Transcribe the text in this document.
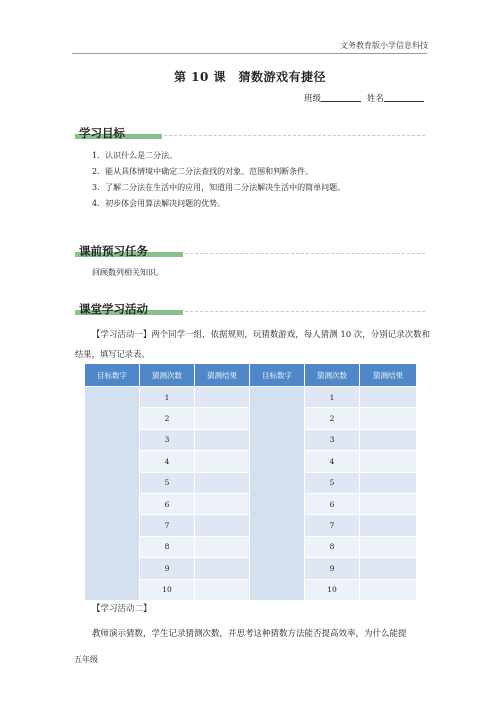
文务教育版小学信息科技
第 10 课　猜数游戏有捷径
班级	姓名
学习目标
1．认识什么是二分法。
2．能从具体情境中确定二分法查找的对象、范围和判断条件。
3．了解二分法在生活中的应用，知道用二分法解决生活中的简单问题。
4．初步体会用算法解决问题的优势。
课前预习任务
回顾数列相关知识。
课堂学习活动
【学习活动一】两个同学一组，依据规则，玩猜数游戏，每人猜测 10 次，分别记录次数和结果，填写记录表。
目标数字	猜测次数	猜测结果	目标数字	猜测次数	猜测结果
	1			1	
	2			2	
	3			3	
	4			4	
	5			5	
	6			6	
	7			7	
	8			8	
	9			9	
	10			10	
【学习活动二】
教师演示猜数，学生记录猜测次数，并思考这种猜数方法能否提高效率，为什么能提
五年级
